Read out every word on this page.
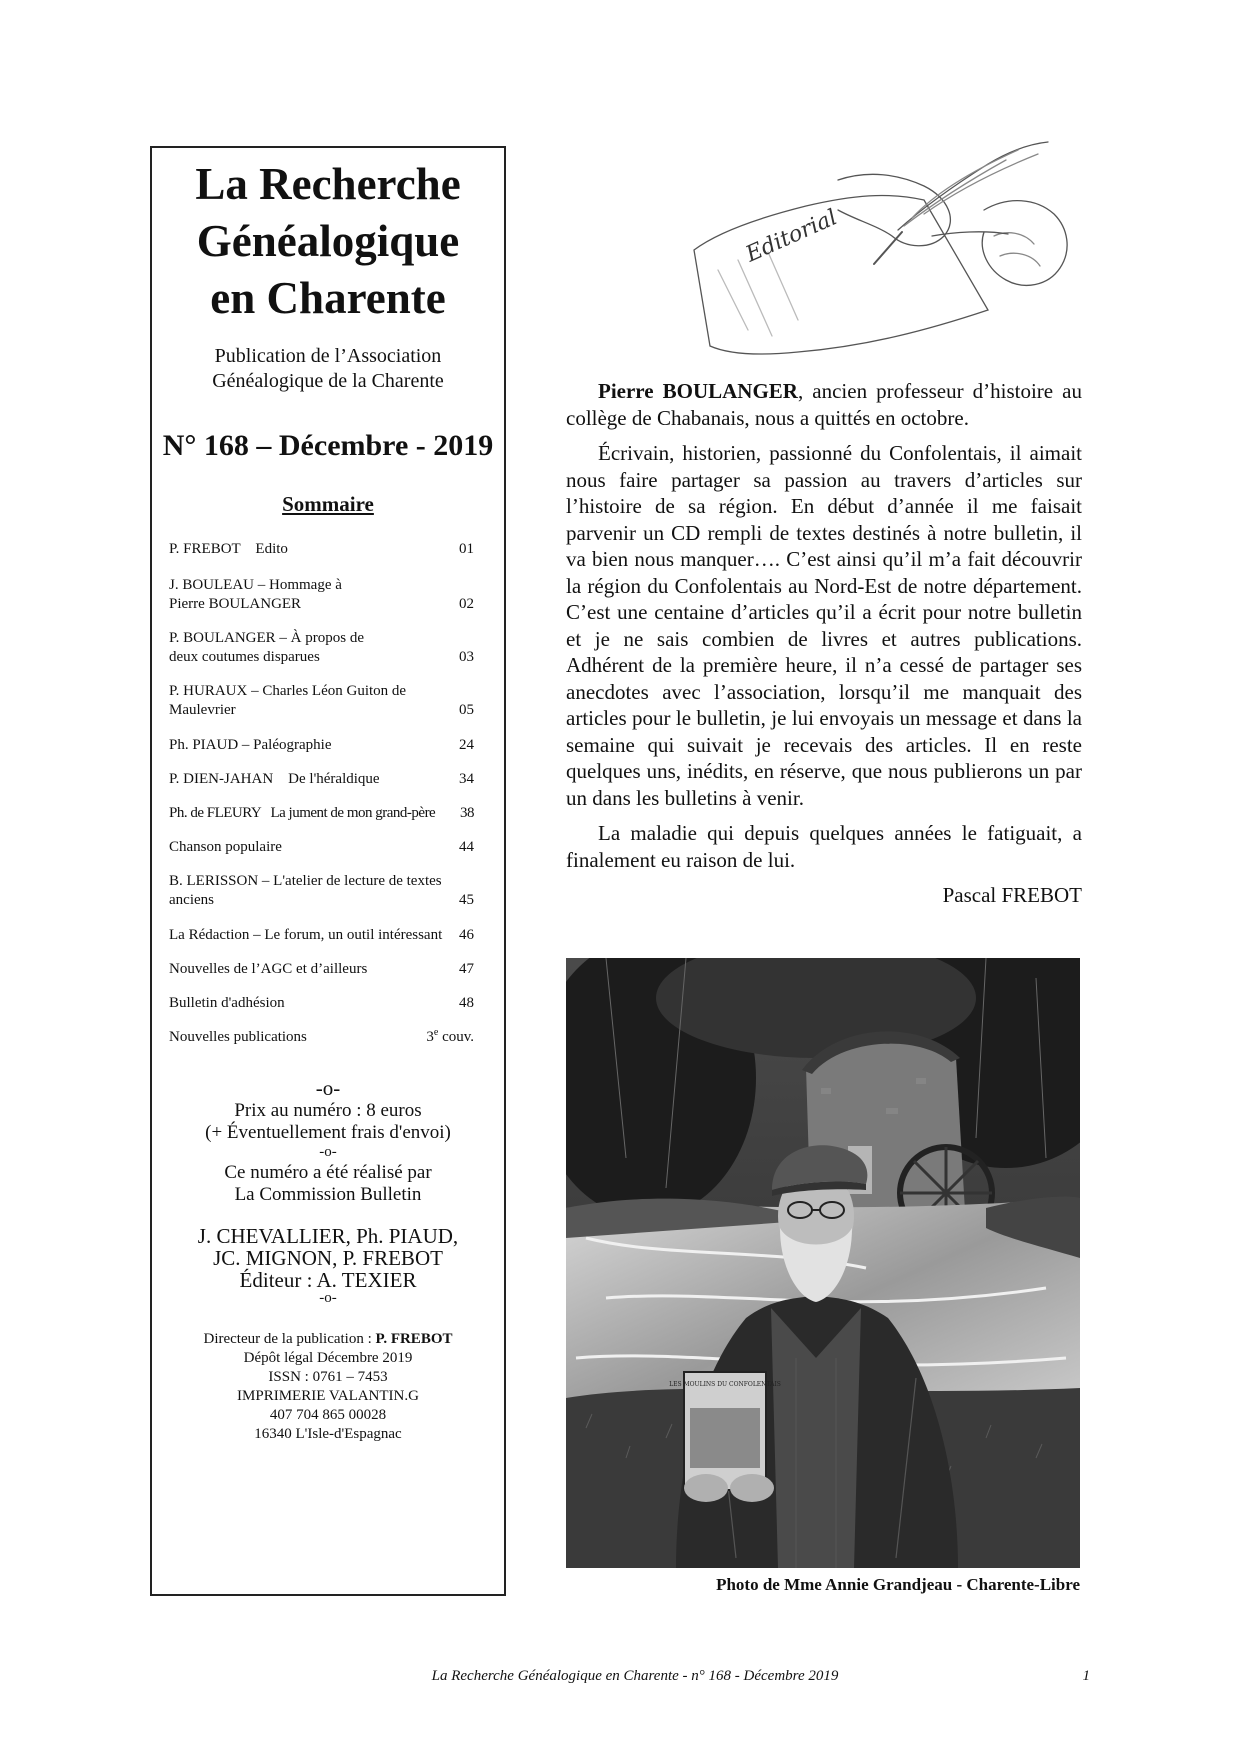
La Recherche
Généalogique
en Charente
Publication de l’Association
Généalogique de la Charente
N° 168 – Décembre - 2019
Sommaire
P. FREBOT    Edito	01
J. BOULEAU – Hommage à Pierre BOULANGER	02
P. BOULANGER – À propos de deux coutumes disparues	03
P. HURAUX – Charles Léon Guiton de Maulevrier	05
Ph. PIAUD – Paléographie	24
P. DIEN-JAHAN    De l'héraldique	34
Ph. de FLEURY   La jument de mon grand-père	38
Chanson populaire	44
B. LERISSON – L'atelier de lecture de textes anciens	45
La Rédaction – Le forum, un outil intéressant	46
Nouvelles de l’AGC et d’ailleurs	47
Bulletin d'adhésion	48
Nouvelles publications	3e couv.
-o-
Prix au numéro : 8 euros
(+ Éventuellement frais d'envoi)
-o-
Ce numéro a été réalisé par
La Commission Bulletin
J. CHEVALLIER, Ph. PIAUD,
JC. MIGNON, P. FREBOT
Éditeur : A. TEXIER
-o-
Directeur de la publication : P. FREBOT
Dépôt légal Décembre 2019
ISSN : 0761 – 7453
IMPRIMERIE VALANTIN.G
407 704 865 00028
16340 L'Isle-d'Espagnac
Editorial

Pierre BOULANGER, ancien professeur d’histoire au collège de Chabanais, nous a quittés en octobre.

Écrivain, historien, passionné du Confolentais, il aimait nous faire partager sa passion au travers d’articles sur l’histoire de sa région. En début d’année il me faisait parvenir un CD rempli de textes destinés à notre bulletin, il va bien nous manquer…. C’est ainsi qu’il m’a fait découvrir la région du Confolentais au Nord-Est de notre département. C’est une centaine d’articles qu’il a écrit pour notre bulletin et je ne sais combien de livres et autres publications. Adhérent de la première heure, il n’a cessé de partager ses anecdotes avec l’association, lorsqu’il me manquait des articles pour le bulletin, je lui envoyais un message et dans la semaine qui suivait je recevais des articles. Il en reste quelques uns, inédits, en réserve, que nous publierons un par un dans les bulletins à venir.

La maladie qui depuis quelques années le fatiguait, a finalement eu raison de lui.

Pascal FREBOT
LES MOULINS DU CONFOLENTAIS
Photo de Mme Annie Grandjeau - Charente-Libre
La Recherche Généalogique en Charente - n° 168 - Décembre 2019	1
